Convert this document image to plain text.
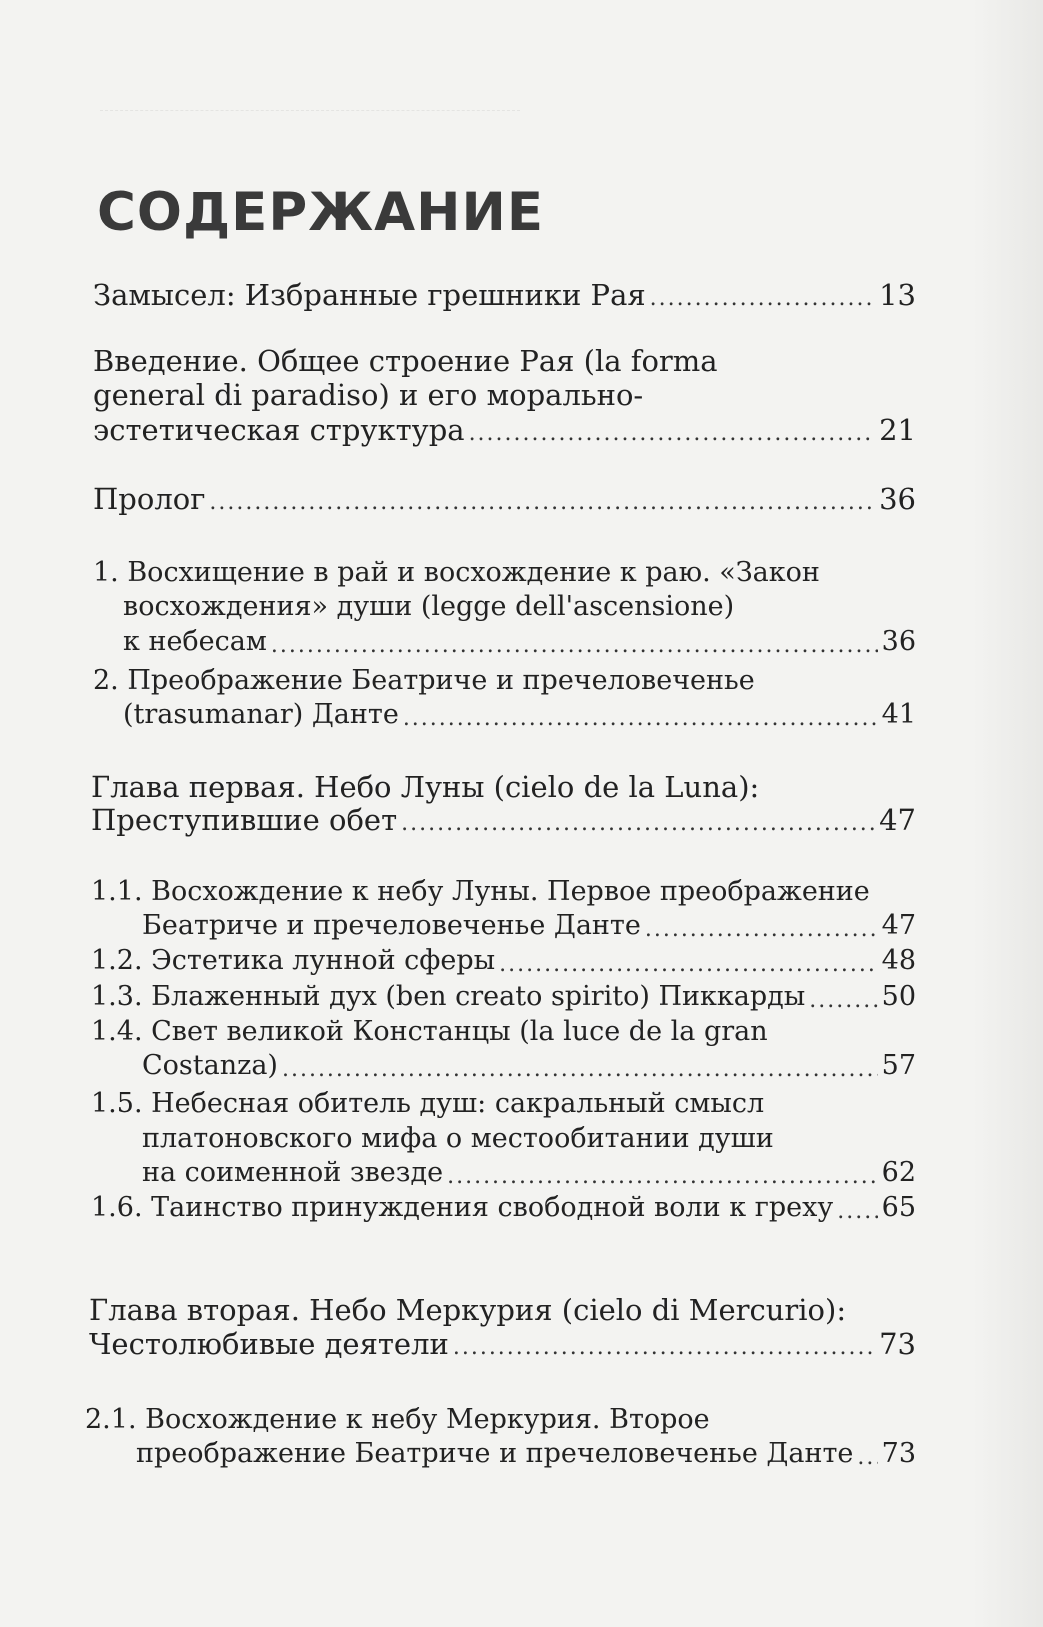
СОДЕРЖАНИЕ
Замысел: Избранные грешники Рая .....	13
Введение. Общее строение Рая (la forma
general di paradiso) и его морально-
эстетическая структура .....	21
Пролог .....	36
1. Восхищение в рай и восхождение к раю. «Закон
восхождения» души (legge dell'ascensione)
к небесам .....	36
2. Преображение Беатриче и пречеловеченье
(trasumanar) Данте .....	41
Глава первая. Небо Луны (cielo de la Luna):
Преступившие обет .....	47
1.1. Восхождение к небу Луны. Первое преображение
Беатриче и пречеловеченье Данте .....	47
1.2. Эстетика лунной сферы .....	48
1.3. Блаженный дух (ben creato spirito) Пиккарды .....	50
1.4. Свет великой Констанцы (la luce de la gran
Costanza) .....	57
1.5. Небесная обитель душ: сакральный смысл
платоновского мифа о местообитании души
на соименной звезде .....	62
1.6. Таинство принуждения свободной воли к греху ..... 65
Глава вторая. Небо Меркурия (cielo di Mercurio):
Честолюбивые деятели .....	73
2.1. Восхождение к небу Меркурия. Второе
преображение Беатриче и пречеловеченье Данте ..... 73
